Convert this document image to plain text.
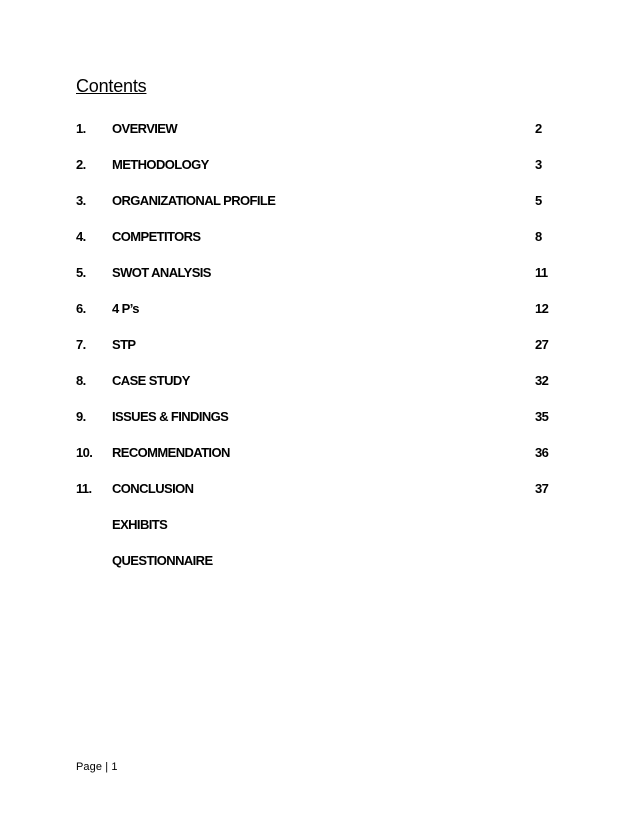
Contents
1. OVERVIEW	2
2. METHODOLOGY	3
3. ORGANIZATIONAL PROFILE	5
4. COMPETITORS	8
5. SWOT ANALYSIS	11
6. 4 P’s	12
7. STP	27
8. CASE STUDY	32
9. ISSUES & FINDINGS	35
10. RECOMMENDATION	36
11. CONCLUSION	37
EXHIBITS
QUESTIONNAIRE
Page | 1
